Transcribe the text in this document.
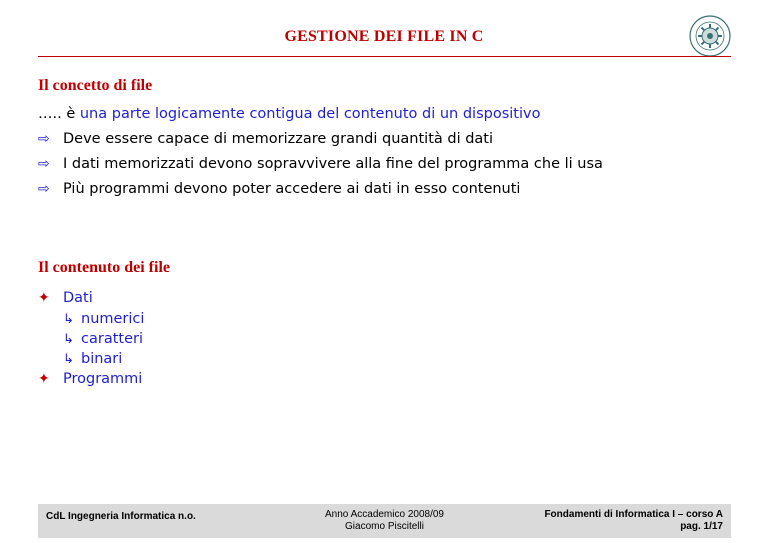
GESTIONE DEI FILE IN C
Il concetto di file
….. è una parte logicamente contigua del contenuto di un dispositivo
⇨ Deve essere capace di memorizzare grandi quantità di dati
⇨ I dati memorizzati devono sopravvivere alla fine del programma che li usa
⇨ Più programmi devono poter accedere ai dati in esso contenuti
Il contenuto dei file
✦ Dati
↳ numerici
↳ caratteri
↳ binari
✦ Programmi
CdL Ingegneria Informatica n.o.	Anno Accademico 2008/09
Giacomo Piscitelli
Fondamenti di Informatica I – corso A
pag. 1/17
